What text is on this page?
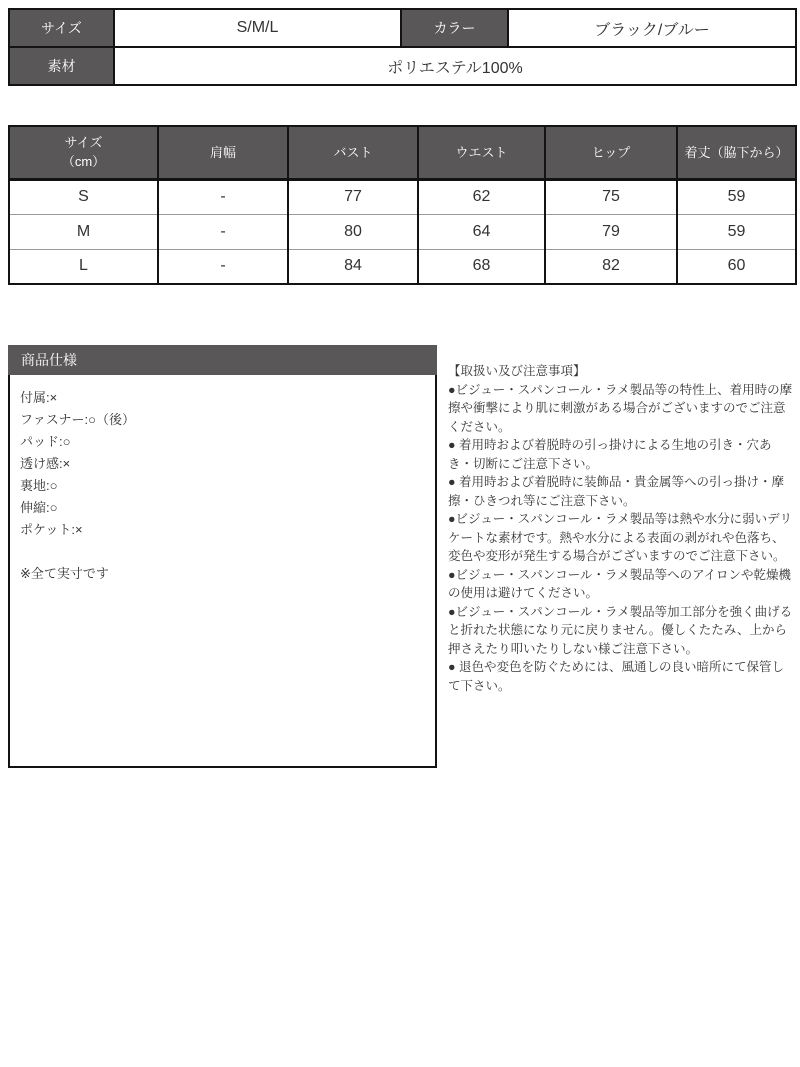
サイズ	S/M/L	カラー	ブラック/ブルー
素材	ポリエステル100%		
サイズ
（cm）	肩幅	バスト	ウエスト	ヒップ	着丈（脇下から）
S	-	77	62	75	59
M	-	80	64	79	59
L	-	84	68	82	60
商品仕様

付属:×

ファスナー:○（後）

パッド:○

透け感:×

裏地:○

伸縮:○

ポケット:×

※全て実寸です

【取扱い及び注意事項】

●ビジュー・スパンコール・ラメ製品等の特性上、着用時の摩擦や衝撃により肌に刺激がある場合がございますのでご注意ください。

● 着用時および着脱時の引っ掛けによる生地の引き・穴あき・切断にご注意下さい。

● 着用時および着脱時に装飾品・貴金属等への引っ掛け・摩擦・ひきつれ等にご注意下さい。

●ビジュー・スパンコール・ラメ製品等は熱や水分に弱いデリケートな素材です。熱や水分による表面の剥がれや色落ち、変色や変形が発生する場合がございますのでご注意下さい。

●ビジュー・スパンコール・ラメ製品等へのアイロンや乾燥機の使用は避けてください。

●ビジュー・スパンコール・ラメ製品等加工部分を強く曲げると折れた状態になり元に戻りません。優しくたたみ、上から押さえたり叩いたりしない様ご注意下さい。

● 退色や変色を防ぐためには、風通しの良い暗所にて保管して下さい。
